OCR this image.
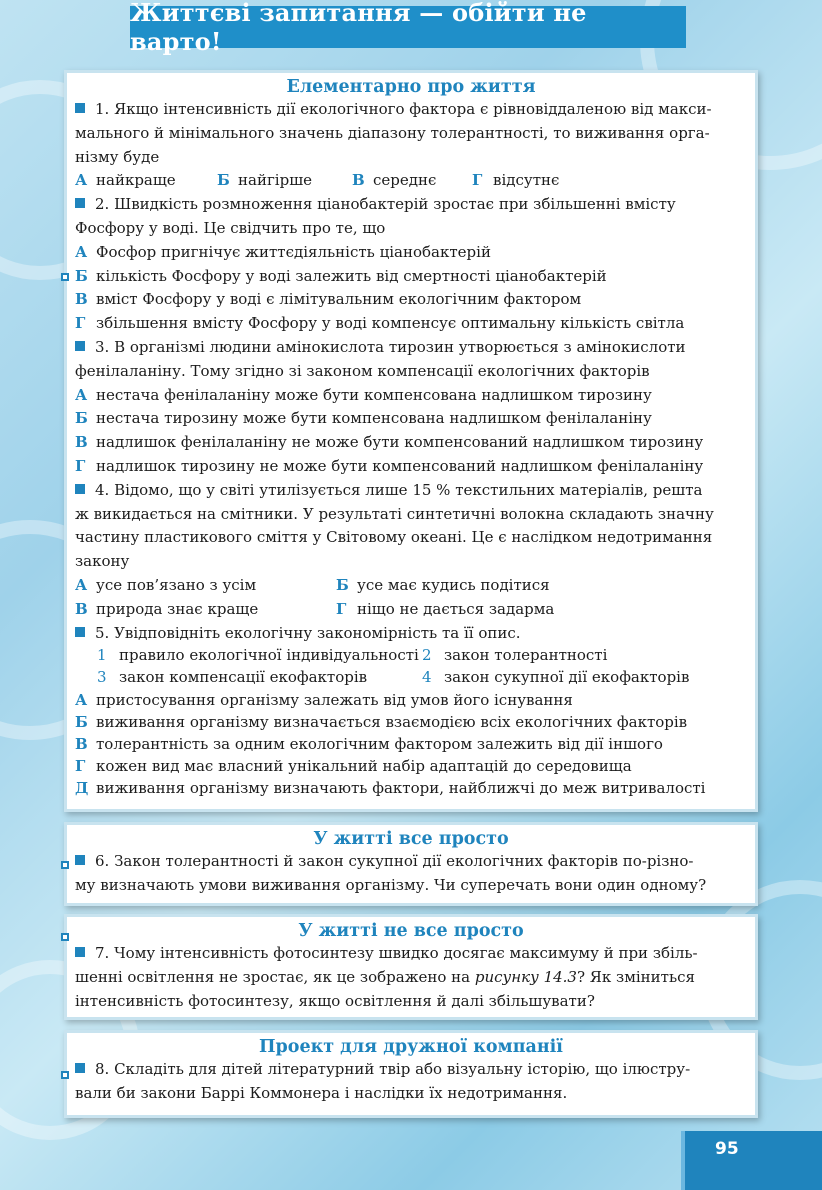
Життєві запитання — обійти не варто!
Елементарно про життя
1. Якщо інтенсивність дії екологічного фактора є рівновіддаленою від макси-
мального й мінімального значень діапазону толерантності, то виживання орга-
нізму буде
А найкраще	Б найгірше	В середнє	Г відсутнє
2. Швидкість розмноження ціанобактерій зростає при збільшенні вмісту
Фосфору у воді. Це свідчить про те, що
А Фосфор пригнічує життєдіяльність ціанобактерій
Б кількість Фосфору у воді залежить від смертності ціанобактерій
В вміст Фосфору у воді є лімітувальним екологічним фактором
Г збільшення вмісту Фосфору у воді компенсує оптимальну кількість світла
3. В організмі людини амінокислота тирозин утворюється з амінокислоти
фенілаланіну. Тому згідно зі законом компенсації екологічних факторів
А нестача фенілаланіну може бути компенсована надлишком тирозину
Б нестача тирозину може бути компенсована надлишком фенілаланіну
В надлишок фенілаланіну не може бути компенсований надлишком тирозину
Г надлишок тирозину не може бути компенсований надлишком фенілаланіну
4. Відомо, що у світі утилізується лише 15 % текстильних матеріалів, решта
ж викидається на смітники. У результаті синтетичні волокна складають значну
частину пластикового сміття у Світовому океані. Це є наслідком недотримання
закону
А усе пов’язано з усім	Б усе має кудись подітися
В природа знає краще	Г ніщо не дається задарма
5. Увідповідніть екологічну закономірність та її опис.
1 правило екологічної індивідуальності 2 закон толерантності
3 закон компенсації екофакторів	4 закон сукупної дії екофакторів
А пристосування організму залежать від умов його існування
Б виживання організму визначається взаємодією всіх екологічних факторів
В толерантність за одним екологічним фактором залежить від дії іншого
Г кожен вид має власний унікальний набір адаптацій до середовища
Д виживання організму визначають фактори, найближчі до меж витривалості
У житті все просто
6. Закон толерантності й закон сукупної дії екологічних факторів по-різно-
му визначають умови виживання організму. Чи суперечать вони один одному?
У житті не все просто
7. Чому інтенсивність фотосинтезу швидко досягає максимуму й при збіль-
шенні освітлення не зростає, як це зображено на рисунку 14.3? Як зміниться
інтенсивність фотосинтезу, якщо освітлення й далі збільшувати?
Проект для дружної компанії
8. Складіть для дітей літературний твір або візуальну історію, що ілюстру-
вали би закони Баррі Коммонера і наслідки їх недотримання.
95
